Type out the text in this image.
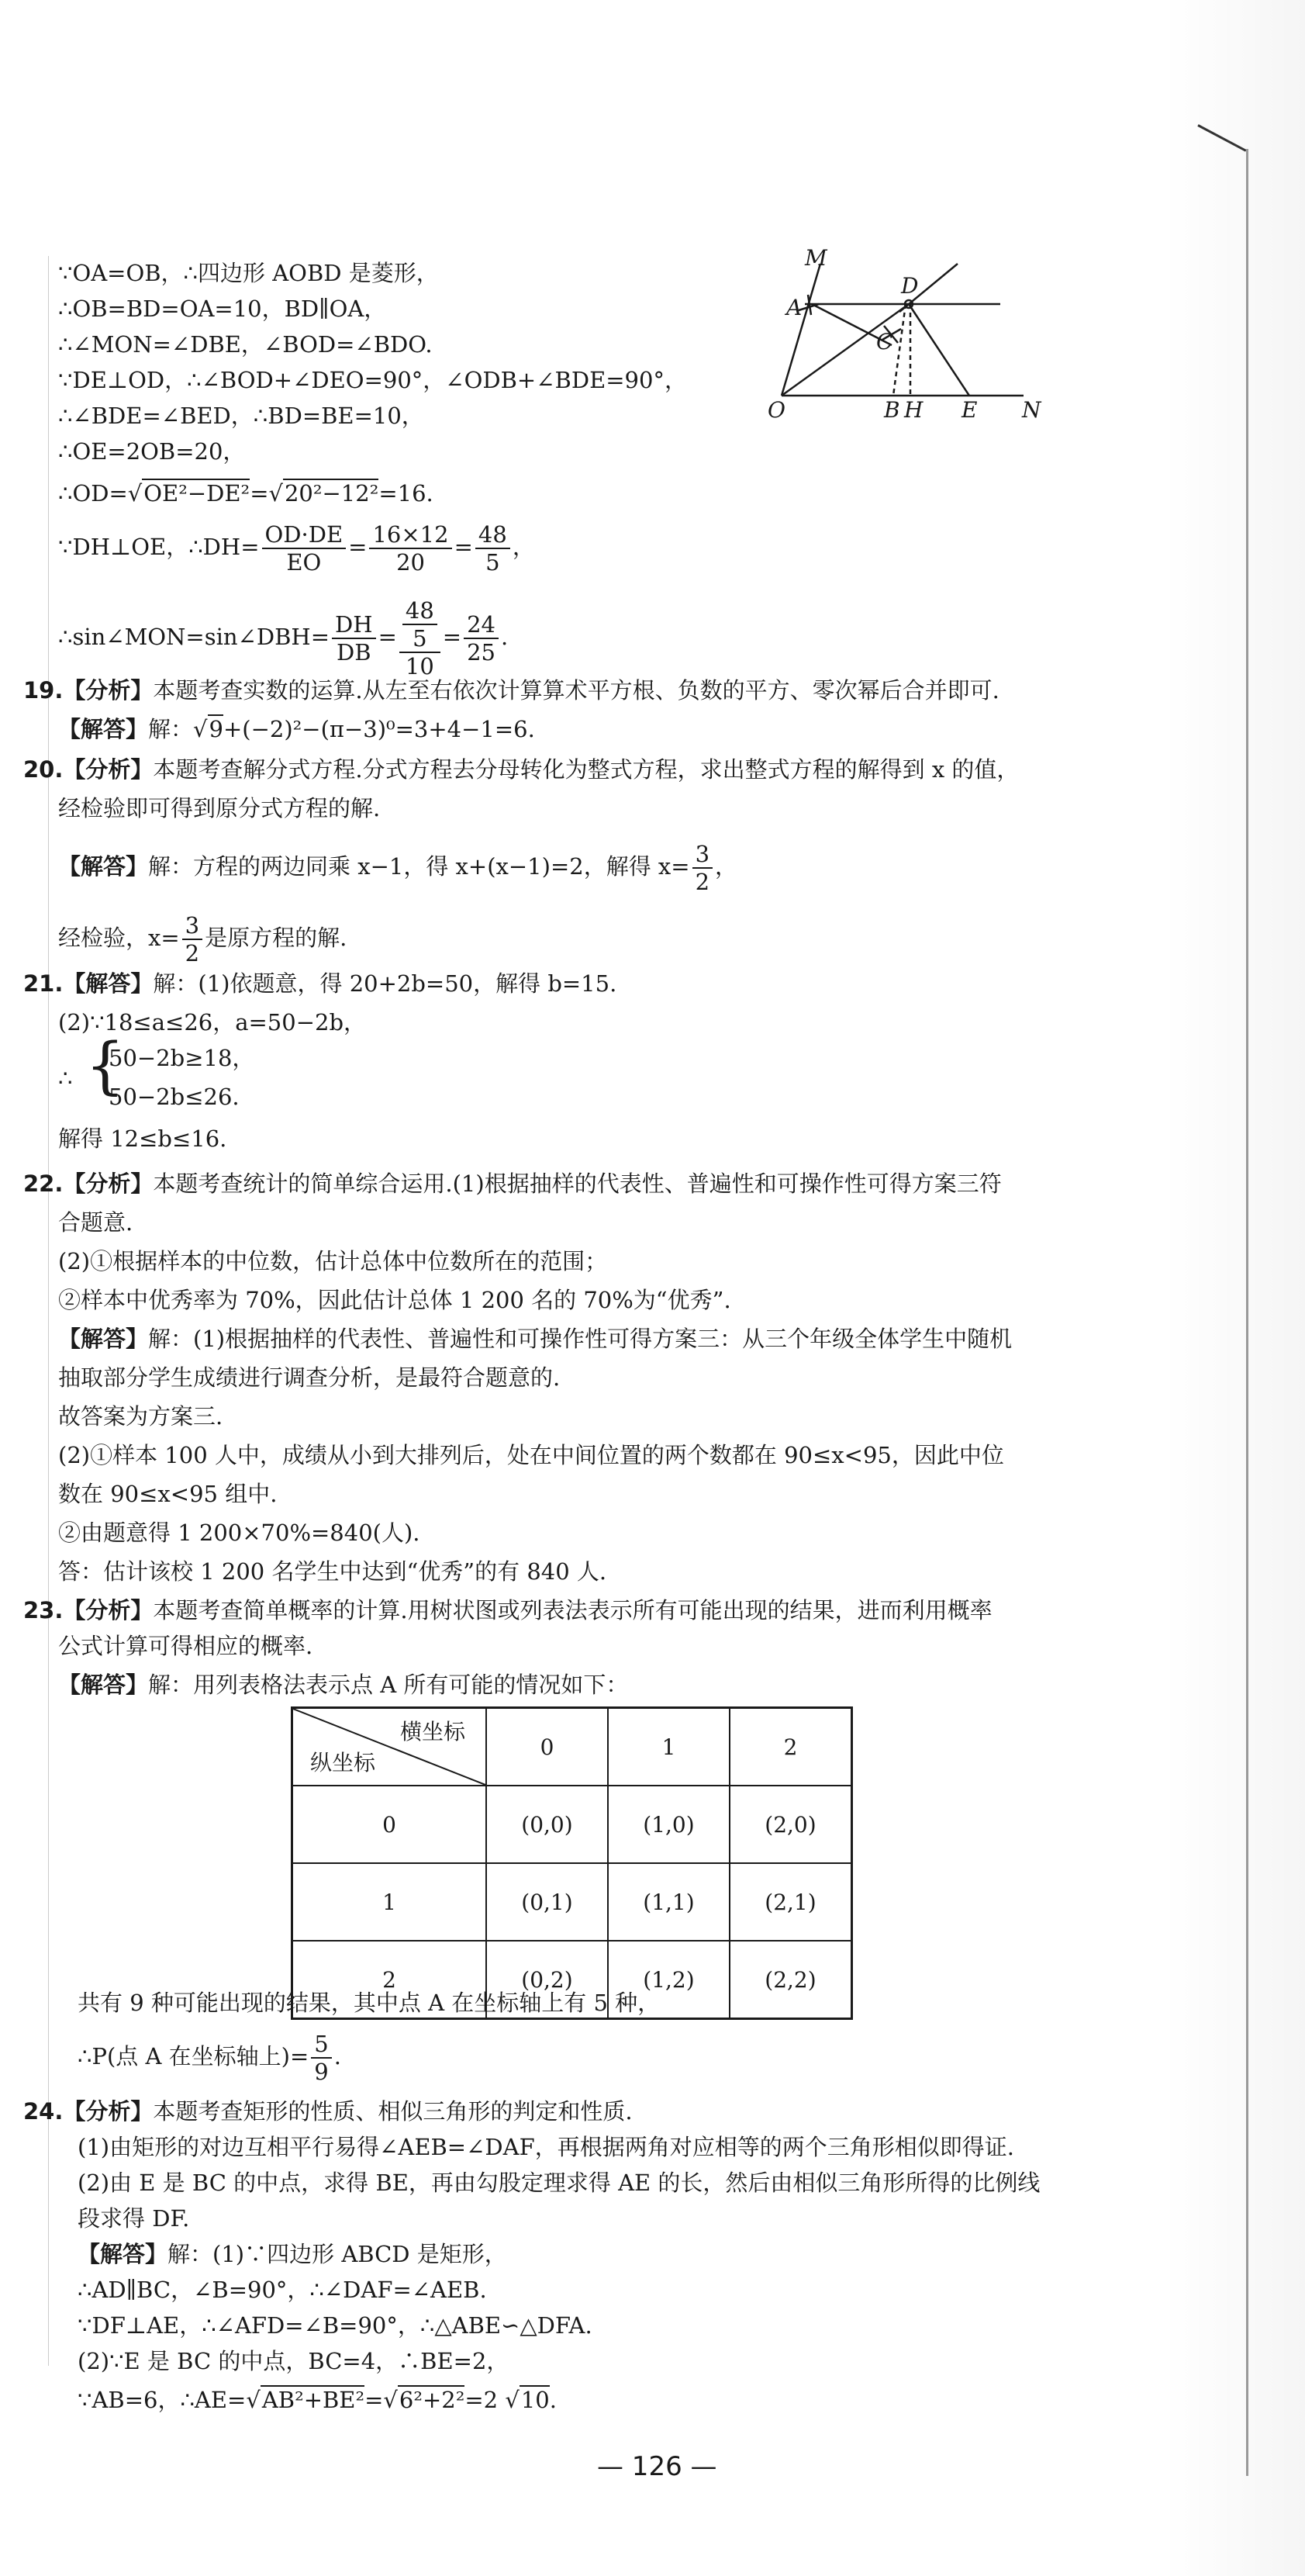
M
D
A
C
O	B H E N
∵OA=OB，∴四边形 AOBD 是菱形，
∴OB=BD=OA=10，BD∥OA，
∴∠MON=∠DBE，∠BOD=∠BDO.
∵DE⊥OD，∴∠BOD+∠DEO=90°，∠ODB+∠BDE=90°，
∴∠BDE=∠BED，∴BD=BE=10，
∴OE=2OB=20，
∴OD=√OE²−DE²=√20²−12²=16.
∵DH⊥OE，∴DH= $\frac{OD\cdot DE}{EO} = \frac{16\times 12}{20} = \frac{48}{5}$ ，
∴sin∠MON=sin∠DBH= $\frac{DH}{DB} = \frac{\frac{48}{5}}{10} = \frac{24}{25}$ .
19.【分析】本题考查实数的运算.从左至右依次计算算术平方根、负数的平方、零次幂后合并即可.
【解答】解：√9+(−2)²−(π−3)⁰=3+4−1=6.
20.【分析】本题考查解分式方程.分式方程去分母转化为整式方程，求出整式方程的解得到 x 的值，
经检验即可得到原分式方程的解.
【解答】解：方程的两边同乘 x−1，得 x+(x−1)=2，解得 $x= \frac{3}{2}$ ，
经检验，$x= \frac{3}{2}$ 是原方程的解.
21.【解答】解：(1)依题意，得 20+2b=50，解得 b=15.
(2)∵18≤a≤26，a=50−2b，
∴ {
50−2b≥18，
50−2b≤26.
解得 12≤b≤16.
22.【分析】本题考查统计的简单综合运用.(1)根据抽样的代表性、普遍性和可操作性可得方案三符
合题意.
(2)①根据样本的中位数，估计总体中位数所在的范围；
②样本中优秀率为 70%，因此估计总体 1 200 名的 70%为“优秀”.
【解答】解：(1)根据抽样的代表性、普遍性和可操作性可得方案三：从三个年级全体学生中随机
抽取部分学生成绩进行调查分析，是最符合题意的.
故答案为方案三.
(2)①样本 100 人中，成绩从小到大排列后，处在中间位置的两个数都在 90≤x<95，因此中位
数在 90≤x<95 组中.
②由题意得 1 200×70%=840(人).
答：估计该校 1 200 名学生中达到“优秀”的有 840 人.
23.【分析】本题考查简单概率的计算.用树状图或列表法表示所有可能出现的结果，进而利用概率
公式计算可得相应的概率.
【解答】解：用列表格法表示点 A 所有可能的情况如下：
横坐标
纵坐标	0	1	2
0	(0,0)	(1,0)	(2,0)
1	(0,1)	(1,1)	(2,1)
2	(0,2)	(1,2)	(2,2)
共有 9 种可能出现的结果，其中点 A 在坐标轴上有 5 种，
∴P(点 A 在坐标轴上)= $\frac{5}{9}$ .
24.【分析】本题考查矩形的性质、相似三角形的判定和性质.
(1)由矩形的对边互相平行易得∠AEB=∠DAF，再根据两角对应相等的两个三角形相似即得证.
(2)由 E 是 BC 的中点，求得 BE，再由勾股定理求得 AE 的长，然后由相似三角形所得的比例线
段求得 DF.
【解答】解：(1)∵四边形 ABCD 是矩形，
∴AD∥BC，∠B=90°，∴∠DAF=∠AEB.
∵DF⊥AE，∴∠AFD=∠B=90°，∴△ABE∽△DFA.
(2)∵E 是 BC 的中点，BC=4，∴BE=2，
∵AB=6，∴AE=√AB²+BE²=√6²+2²=2 √10.
— 126 —
